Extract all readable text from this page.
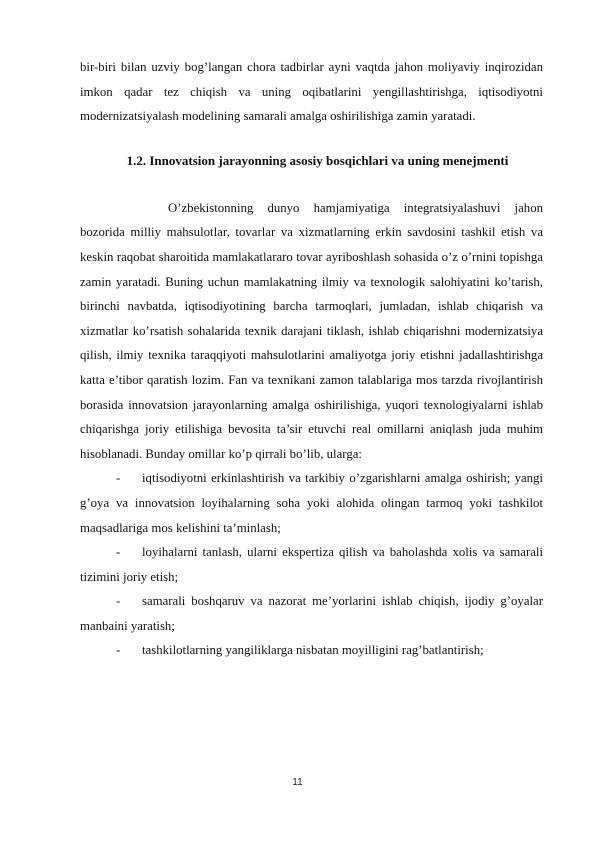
bir-biri bilan uzviy bog’langan chora tadbirlar ayni vaqtda jahon moliyaviy inqirozidan imkon qadar tez chiqish va uning oqibatlarini yengillashtirishga, iqtisodiyotni modernizatsiyalash modelining samarali amalga oshirilishiga zamin yaratadi.

1.2. Innovatsion jarayonning asosiy bosqichlari va uning menejmenti

O’zbekistonning dunyo hamjamiyatiga integratsiyalashuvi jahon bozorida milliy mahsulotlar, tovarlar va xizmatlarning erkin savdosini tashkil etish va keskin raqobat sharoitida mamlakatlararo tovar ayriboshlash sohasida o’z o’rnini topishga zamin yaratadi. Buning uchun mamlakatning ilmiy va texnologik salohiyatini ko’tarish, birinchi navbatda, iqtisodiyotining barcha tarmoqlari, jumladan, ishlab chiqarish va xizmatlar ko’rsatish sohalarida texnik darajani tiklash, ishlab chiqarishni modernizatsiya qilish, ilmiy texnika taraqqiyoti mahsulotlarini amaliyotga joriy etishni jadallashtirishga katta e’tibor qaratish lozim. Fan va texnikani zamon talablariga mos tarzda rivojlantirish borasida innovatsion jarayonlarning amalga oshirilishiga, yuqori texnologiyalarni ishlab chiqarishga joriy etilishiga bevosita ta’sir etuvchi real omillarni aniqlash juda muhim hisoblanadi. Bunday omillar ko’p qirrali bo’lib, ularga:

- iqtisodiyotni erkinlashtirish va tarkibiy o’zgarishlarni amalga oshirish; yangi g’oya va innovatsion loyihalarning soha yoki alohida olingan tarmoq yoki tashkilot maqsadlariga mos kelishini ta’minlash;

- loyihalarni tanlash, ularni ekspertiza qilish va baholashda xolis va samarali tizimini joriy etish;

- samarali boshqaruv va nazorat me’yorlarini ishlab chiqish, ijodiy g’oyalar manbaini yaratish;

- tashkilotlarning yangiliklarga nisbatan moyilligini rag’batlantirish;

11
